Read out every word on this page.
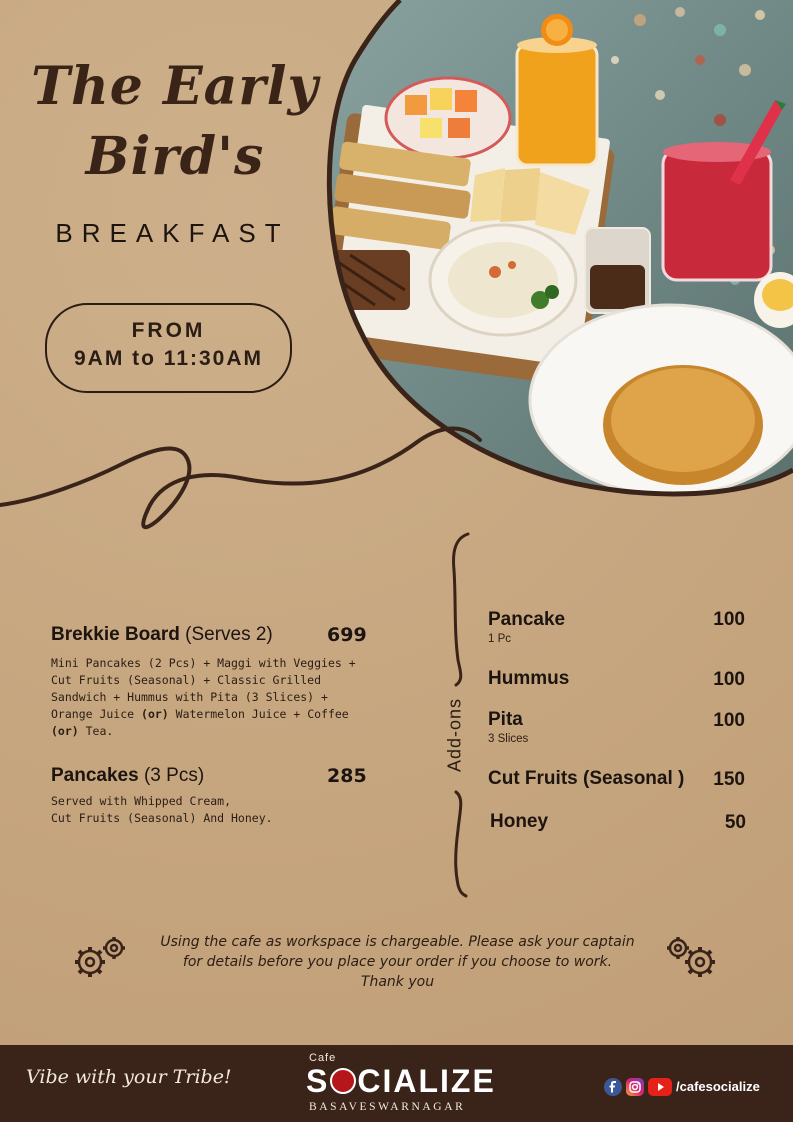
The Early
Bird's
BREAKFAST
FROM
9AM to 11:30AM
Brekkie Board (Serves 2)	699
Mini Pancakes (2 Pcs) + Maggi with Veggies +
Cut Fruits (Seasonal) + Classic Grilled
Sandwich + Hummus with Pita (3 Slices) +
Orange Juice (or) Watermelon Juice + Coffee
(or) Tea.
Pancakes (3 Pcs)	285
Served with Whipped Cream,
Cut Fruits (Seasonal) And Honey.
Add-ons
Pancake
1 Pc
100
Hummus	100
Pita
3 Slices
100
Cut Fruits (Seasonal )	150
Honey	50
Using the cafe as workspace is chargeable. Please ask your captain
for details before you place your order if you choose to work.
Thank you
Vibe with your Tribe!
Cafe
S CIALIZE
BASAVESWARNAGAR
/cafesocialize
